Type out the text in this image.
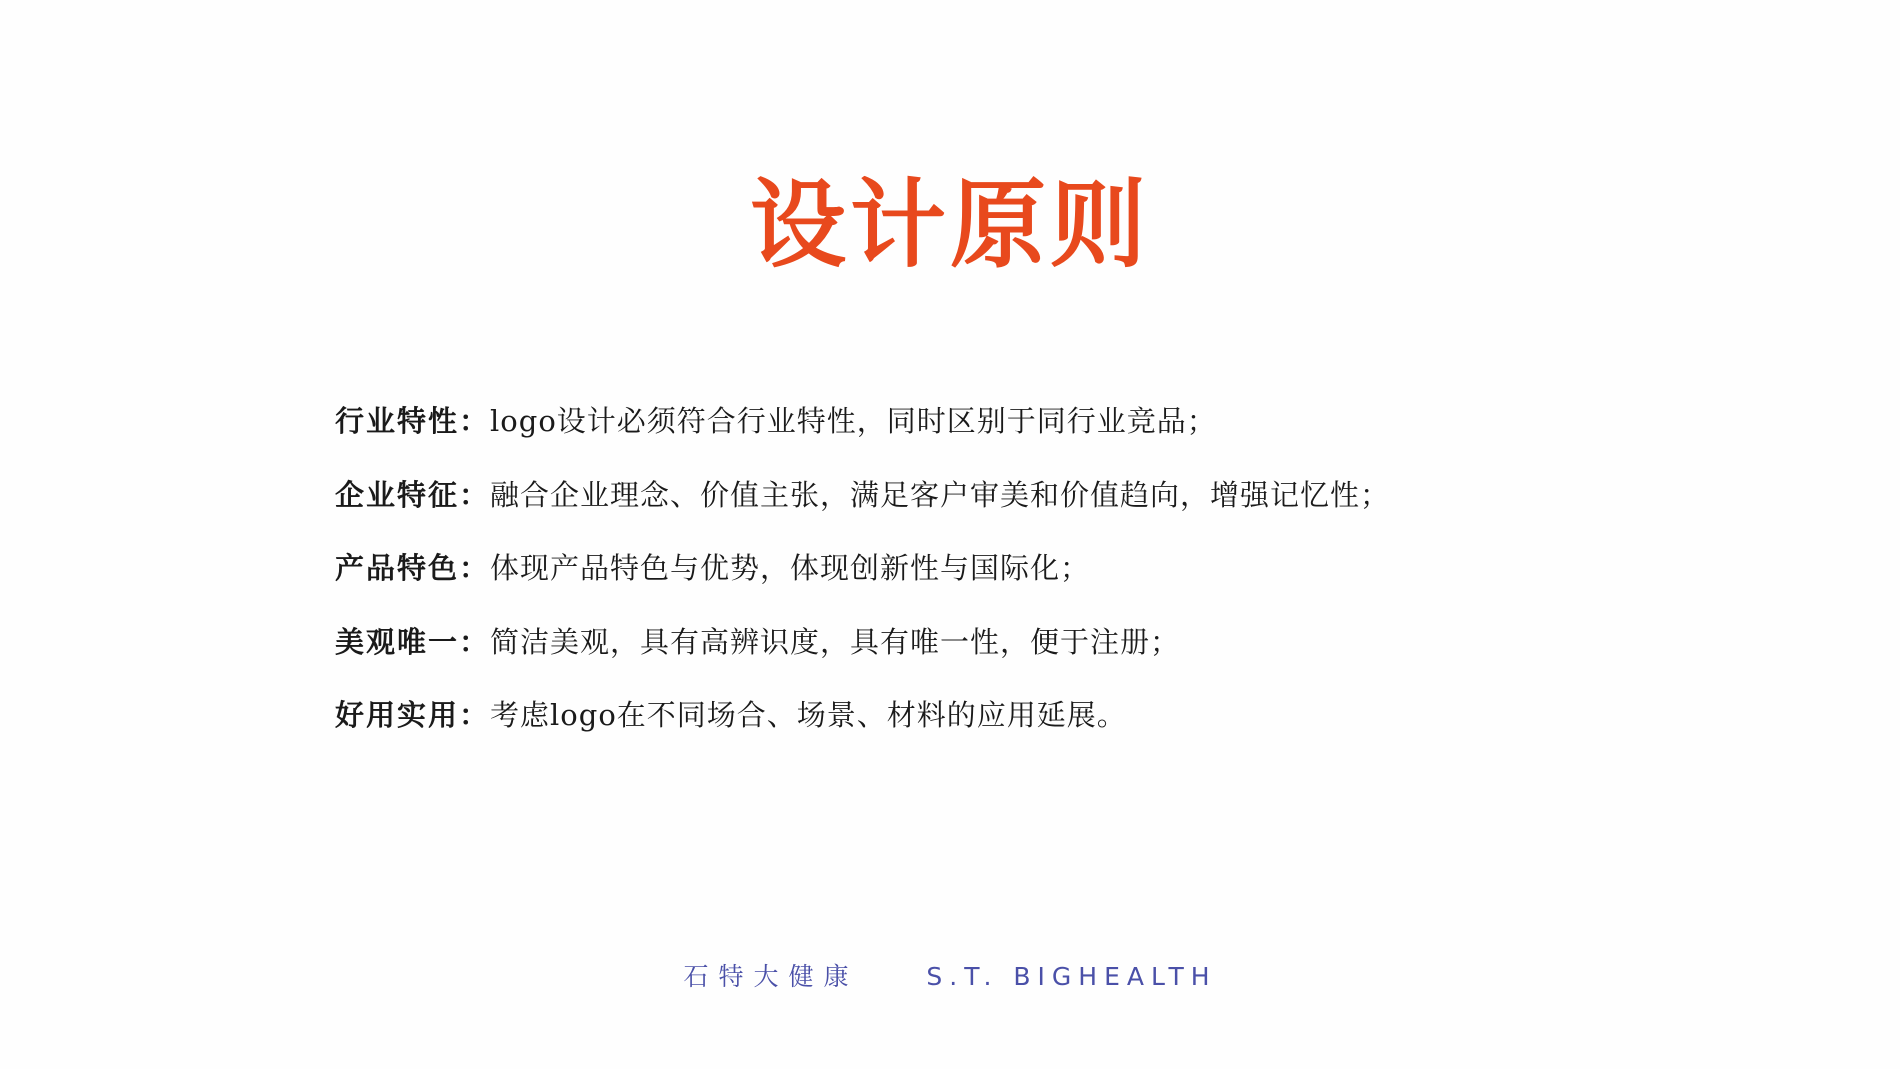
设计原则
行业特性： logo设计必须符合行业特性，同时区别于同行业竞品；
企业特征： 融合企业理念、价值主张，满足客户审美和价值趋向，增强记忆性；
产品特色： 体现产品特色与优势，体现创新性与国际化；
美观唯一： 简洁美观，具有高辨识度，具有唯一性，便于注册；
好用实用： 考虑logo在不同场合、场景、材料的应用延展。
石特大健康	S.T. BIGHEALTH
